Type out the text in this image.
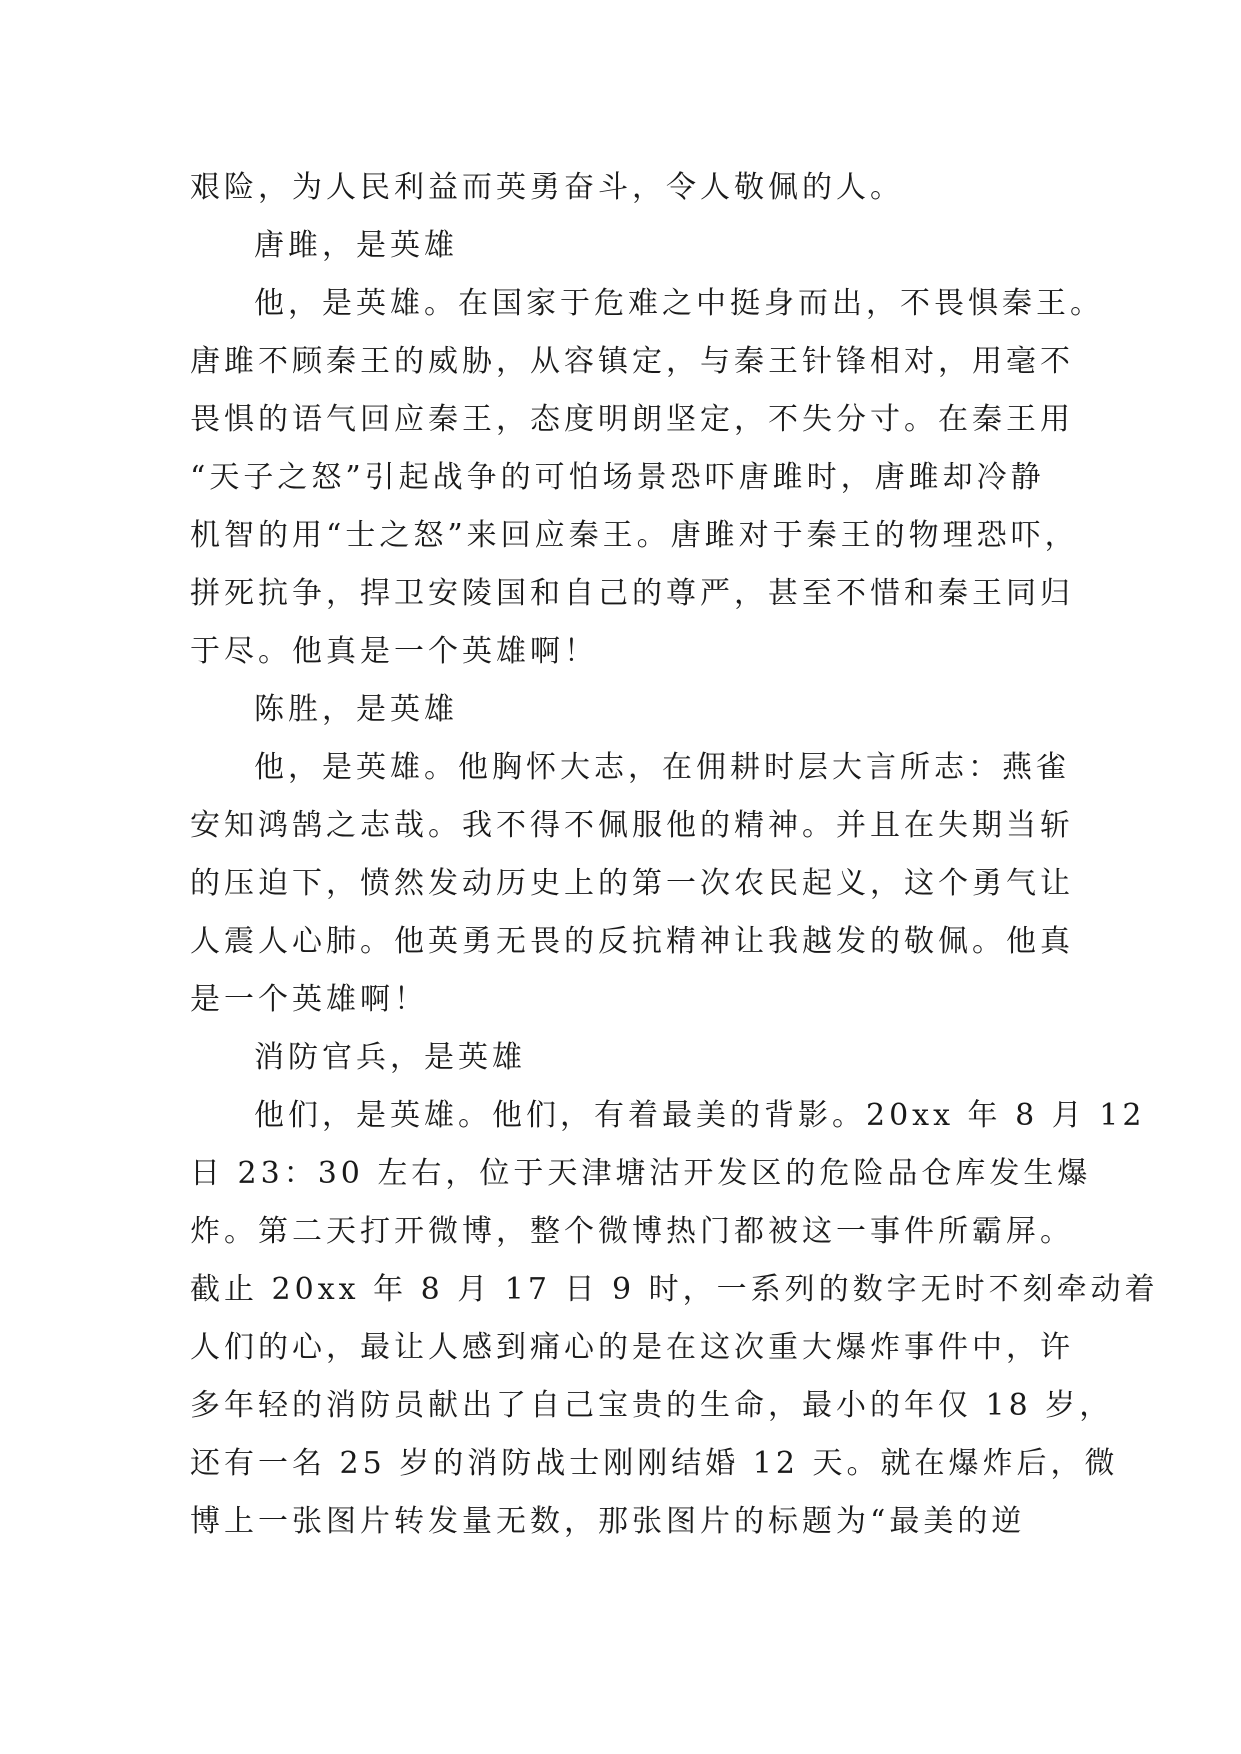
艰险，为人民利益而英勇奋斗，令人敬佩的人。
唐雎，是英雄
他，是英雄。在国家于危难之中挺身而出，不畏惧秦王。
唐雎不顾秦王的威胁，从容镇定，与秦王针锋相对，用毫不
畏惧的语气回应秦王，态度明朗坚定，不失分寸。在秦王用
“天子之怒”引起战争的可怕场景恐吓唐雎时，唐雎却冷静
机智的用“士之怒”来回应秦王。唐雎对于秦王的物理恐吓，
拼死抗争，捍卫安陵国和自己的尊严，甚至不惜和秦王同归
于尽。他真是一个英雄啊！
陈胜，是英雄
他，是英雄。他胸怀大志，在佣耕时层大言所志：燕雀
安知鸿鹄之志哉。我不得不佩服他的精神。并且在失期当斩
的压迫下，愤然发动历史上的第一次农民起义，这个勇气让
人震人心肺。他英勇无畏的反抗精神让我越发的敬佩。他真
是一个英雄啊！
消防官兵，是英雄
他们，是英雄。他们，有着最美的背影。20xx 年 8 月 12
日 23：30 左右，位于天津塘沽开发区的危险品仓库发生爆
炸。第二天打开微博，整个微博热门都被这一事件所霸屏。
截止 20xx 年 8 月 17 日 9 时，一系列的数字无时不刻牵动着
人们的心，最让人感到痛心的是在这次重大爆炸事件中，许
多年轻的消防员献出了自己宝贵的生命，最小的年仅 18 岁，
还有一名 25 岁的消防战士刚刚结婚 12 天。就在爆炸后，微
博上一张图片转发量无数，那张图片的标题为“最美的逆
